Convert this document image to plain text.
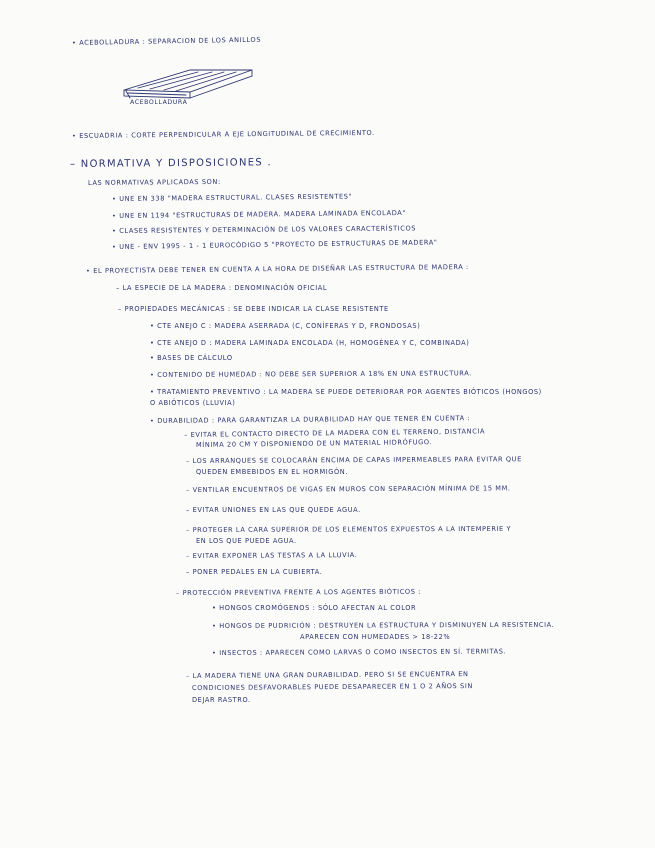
• ACEBOLLADURA : SEPARACION DE LOS ANILLOS
ACEBOLLADURA
• ESCUADRIA : CORTE PERPENDICULAR A EJE LONGITUDINAL DE CRECIMIENTO.
– NORMATIVA Y DISPOSICIONES .
LAS NORMATIVAS APLICADAS SON:
• UNE EN 338 "MADERA ESTRUCTURAL. CLASES RESISTENTES"
• UNE EN 1194 "ESTRUCTURAS DE MADERA. MADERA LAMINADA ENCOLADA"
• CLASES RESISTENTES Y DETERMINACIÓN DE LOS VALORES CARACTERÍSTICOS
• UNE - ENV 1995 - 1 - 1 EUROCÓDIGO 5 "PROYECTO DE ESTRUCTURAS DE MADERA"
• EL PROYECTISTA DEBE TENER EN CUENTA A LA HORA DE DISEÑAR LAS ESTRUCTURA DE MADERA :
– LA ESPECIE DE LA MADERA : DENOMINACIÓN OFICIAL
– PROPIEDADES MECÁNICAS : SE DEBE INDICAR LA CLASE RESISTENTE
• CTE ANEJO C : MADERA ASERRADA (C, CONÍFERAS Y D, FRONDOSAS)
• CTE ANEJO D : MADERA LAMINADA ENCOLADA (H, HOMOGÉNEA Y C, COMBINADA)
• BASES DE CÁLCULO
• CONTENIDO DE HUMEDAD : NO DEBE SER SUPERIOR A 18% EN UNA ESTRUCTURA.
• TRATAMIENTO PREVENTIVO : LA MADERA SE PUEDE DETERIORAR POR AGENTES BIÓTICOS (HONGOS)
O ABIÓTICOS (LLUVIA)
• DURABILIDAD : PARA GARANTIZAR LA DURABILIDAD HAY QUE TENER EN CUENTA :
– EVITAR EL CONTACTO DIRECTO DE LA MADERA CON EL TERRENO, DISTANCIA
MÍNIMA 20 CM Y DISPONIENDO DE UN MATERIAL HIDRÓFUGO.
– LOS ARRANQUES SE COLOCARÁN ENCIMA DE CAPAS IMPERMEABLES PARA EVITAR QUE
QUEDEN EMBEBIDOS EN EL HORMIGÓN.
– VENTILAR ENCUENTROS DE VIGAS EN MUROS CON SEPARACIÓN MÍNIMA DE 15 MM.
– EVITAR UNIONES EN LAS QUE QUEDE AGUA.
– PROTEGER LA CARA SUPERIOR DE LOS ELEMENTOS EXPUESTOS A LA INTEMPERIE Y
EN LOS QUE PUEDE AGUA.
– EVITAR EXPONER LAS TESTAS A LA LLUVIA.
– PONER PEDALES EN LA CUBIERTA.
– PROTECCIÓN PREVENTIVA FRENTE A LOS AGENTES BIÓTICOS :
• HONGOS CROMÓGENOS : SÓLO AFECTAN AL COLOR
• HONGOS DE PUDRICIÓN : DESTRUYEN LA ESTRUCTURA Y DISMINUYEN LA RESISTENCIA.
APARECEN CON HUMEDADES > 18-22%
• INSECTOS : APARECEN COMO LARVAS O COMO INSECTOS EN SÍ. TERMITAS.
– LA MADERA TIENE UNA GRAN DURABILIDAD. PERO SI SE ENCUENTRA EN
CONDICIONES DESFAVORABLES PUEDE DESAPARECER EN 1 O 2 AÑOS SIN
DEJAR RASTRO.
